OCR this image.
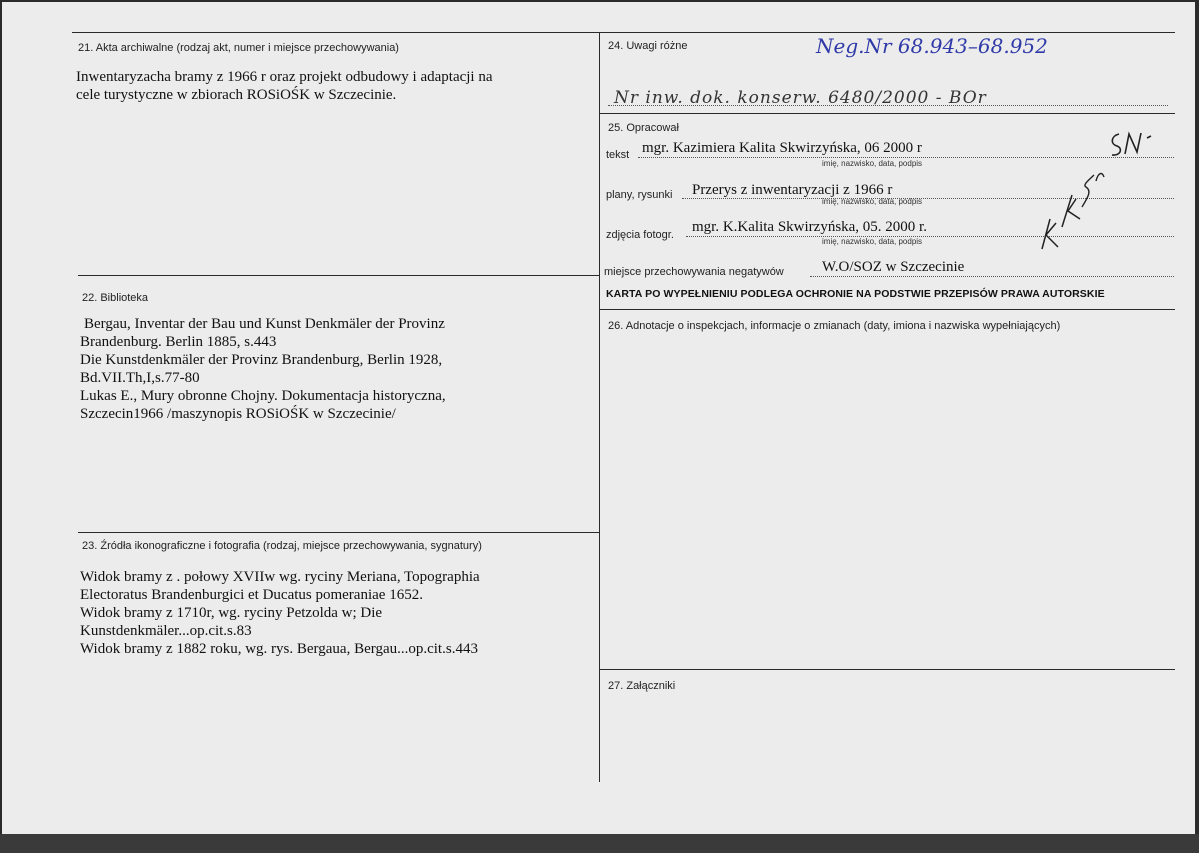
21. Akta archiwalne (rodzaj akt, numer i miejsce przechowywania)
Inwentaryzacha bramy z 1966 r oraz projekt odbudowy i adaptacji na
cele turystyczne w zbiorach ROSiOŚK w Szczecinie.
22. Biblioteka
Bergau, Inventar der Bau und Kunst Denkmäler der Provinz
Brandenburg. Berlin 1885, s.443
Die Kunstdenkmäler der Provinz Brandenburg, Berlin 1928,
Bd.VII.Th,I,s.77-80
Lukas E., Mury obronne Chojny. Dokumentacja historyczna,
Szczecin1966 /maszynopis ROSiOŚK w Szczecinie/
23. Źródła ikonograficzne i fotografia (rodzaj, miejsce przechowywania, sygnatury)
Widok bramy z . połowy XVIIw wg. ryciny Meriana, Topographia
Electoratus Brandenburgici et Ducatus pomeraniae 1652.
Widok bramy z 1710r, wg. ryciny Petzolda w; Die
Kunstdenkmäler...op.cit.s.83
Widok bramy z 1882 roku, wg. rys. Bergaua, Bergau...op.cit.s.443
24. Uwagi różne	Neg.Nr 68.943–68.952
Nr inw. dok. konserw. 6480/2000 - BOr
25. Opracował
tekst mgr. Kazimiera Kalita Skwirzyńska, 06 2000 r
imię, nazwisko, data, podpis
plany, rysunki Przerys z inwentaryzacji z 1966 r
imię, nazwisko, data, podpis
zdjęcia fotogr. mgr. K.Kalita Skwirzyńska, 05. 2000 r.
imię, nazwisko, data, podpis
miejsce przechowywania negatywów	W.O/SOZ w Szczecinie
KARTA PO WYPEŁNIENIU PODLEGA OCHRONIE NA PODSTWIE PRZEPISÓW PRAWA AUTORSKIE
26. Adnotacje o inspekcjach, informacje o zmianach (daty, imiona i nazwiska wypełniających)
27. Załączniki
